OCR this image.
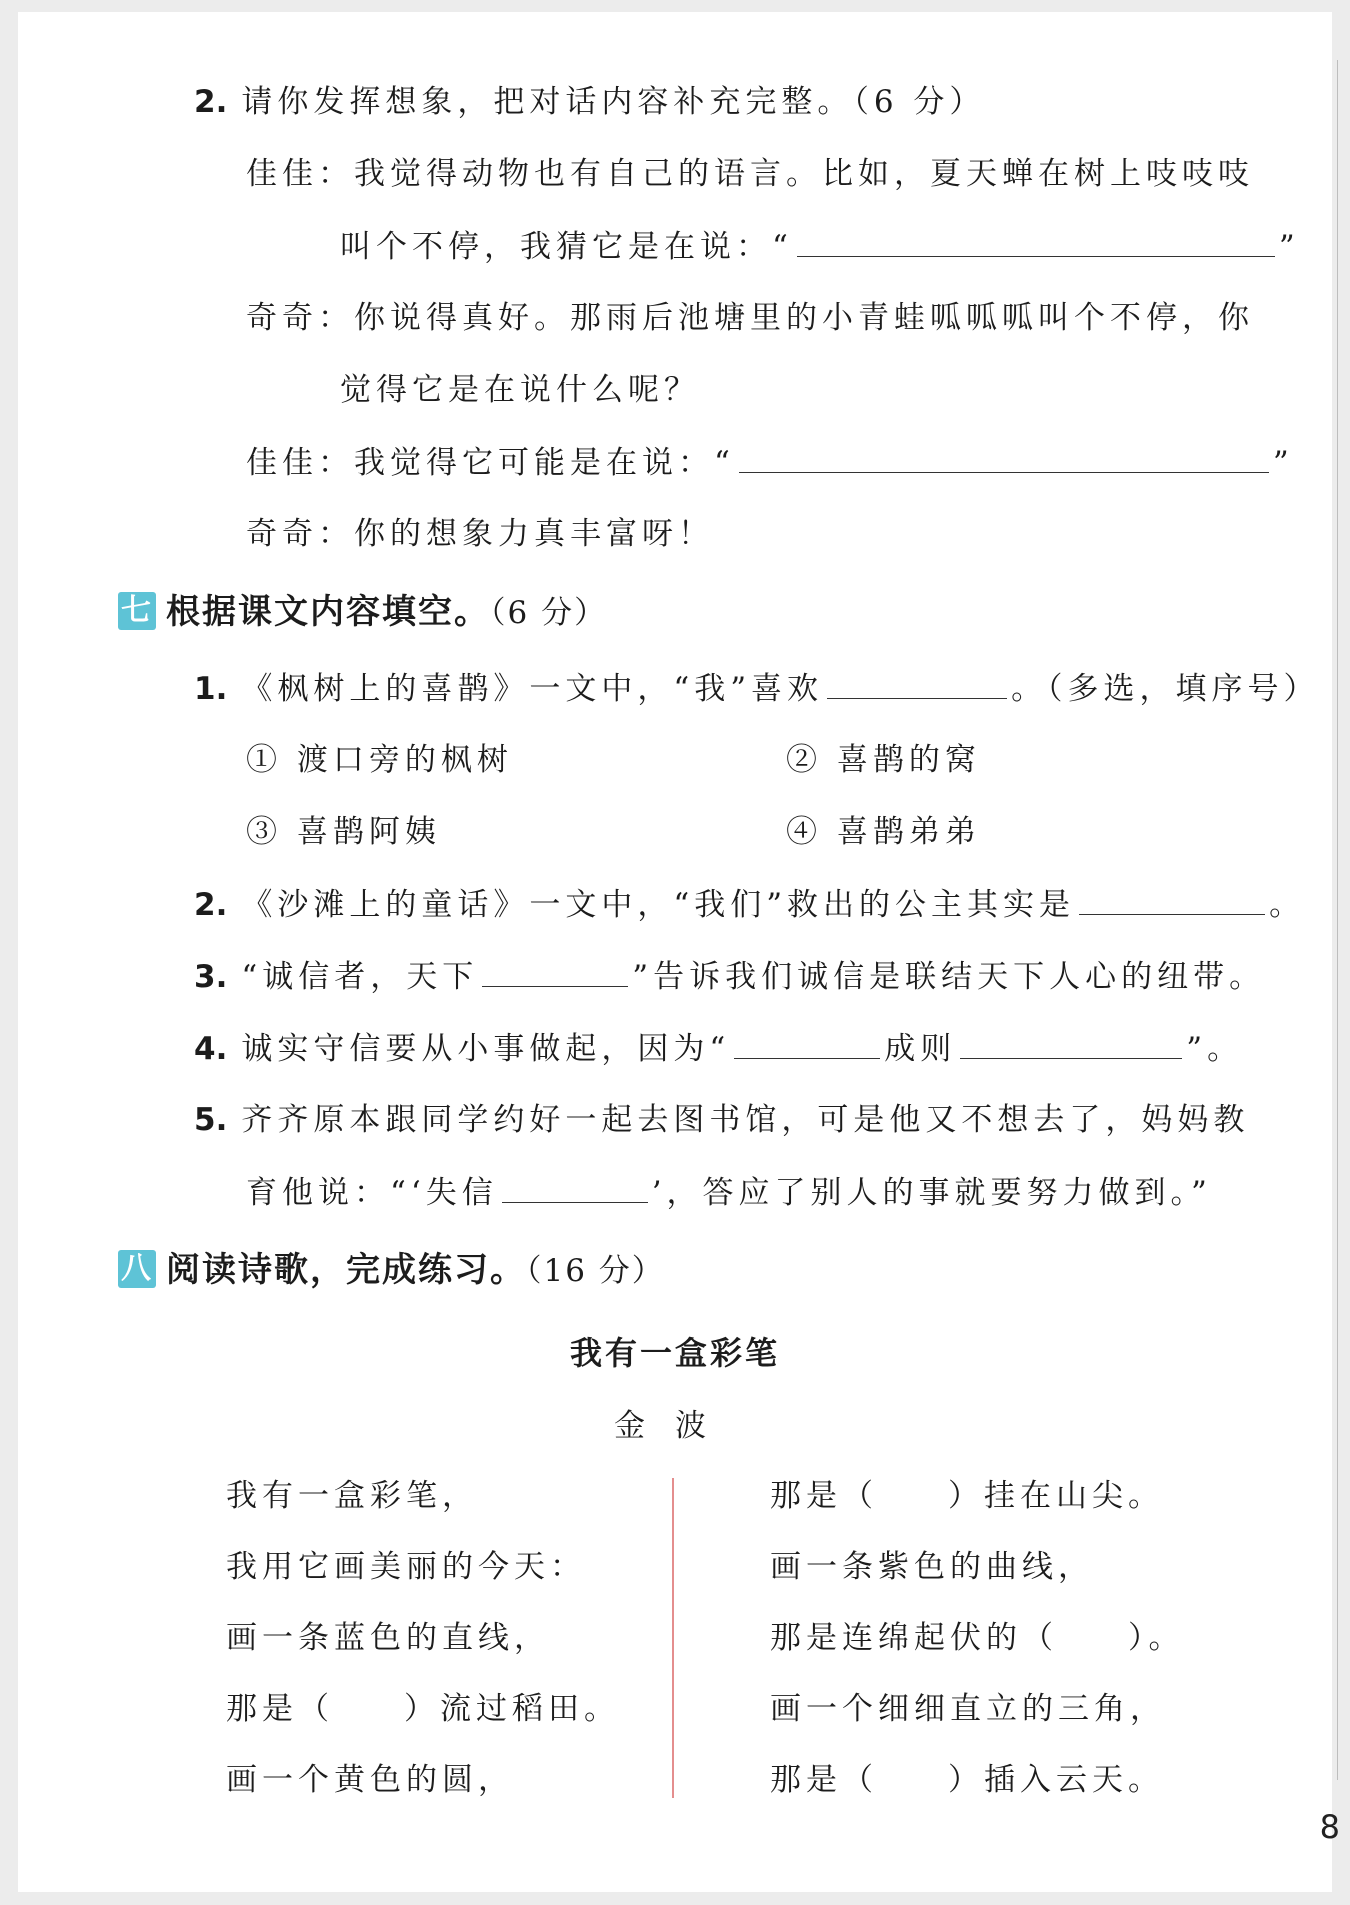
2. 请你发挥想象，把对话内容补充完整。（6 分）
佳佳：我觉得动物也有自己的语言。比如，夏天蝉在树上吱吱吱
叫个不停，我猜它是在说：“	”
奇奇：你说得真好。那雨后池塘里的小青蛙呱呱呱叫个不停，你
觉得它是在说什么呢？
佳佳：我觉得它可能是在说：“	”
奇奇：你的想象力真丰富呀！
七 根据课文内容填空。（6 分）
1. 《枫树上的喜鹊》一文中，“我”喜欢	。（多选，填序号）
① 渡口旁的枫树	② 喜鹊的窝
③ 喜鹊阿姨	④ 喜鹊弟弟
2. 《沙滩上的童话》一文中，“我们”救出的公主其实是	。
3. “诚信者，天下	”告诉我们诚信是联结天下人心的纽带。
4. 诚实守信要从小事做起，因为“	成则	”。
5. 齐齐原本跟同学约好一起去图书馆，可是他又不想去了，妈妈教
育他说：“‘失信	’，答应了别人的事就要努力做到。”
八 阅读诗歌，完成练习。（16 分）
我有一盒彩笔
金波
我有一盒彩笔，
我用它画美丽的今天：
画一条蓝色的直线，
那是（ ）流过稻田。
画一个黄色的圆，
那是（ ）挂在山尖。
画一条紫色的曲线，
那是连绵起伏的（ ）。
画一个细细直立的三角，
那是（ ）插入云天。
8
